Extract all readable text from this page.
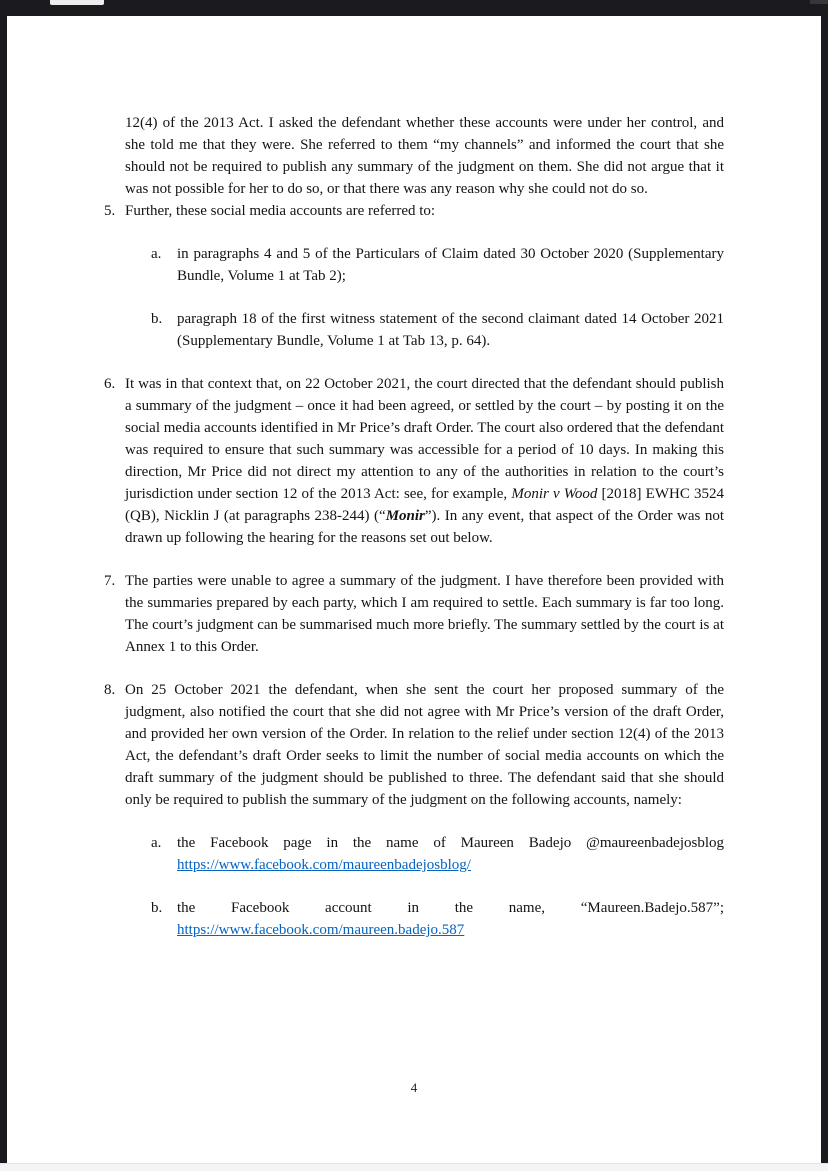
12(4) of the 2013 Act. I asked the defendant whether these accounts were under her control, and she told me that they were. She referred to them “my channels” and informed the court that she should not be required to publish any summary of the judgment on them. She did not argue that it was not possible for her to do so, or that there was any reason why she could not do so.

5. Further, these social media accounts are referred to:
a. in paragraphs 4 and 5 of the Particulars of Claim dated 30 October 2020 (Supplementary Bundle, Volume 1 at Tab 2);
b. paragraph 18 of the first witness statement of the second claimant dated 14 October 2021 (Supplementary Bundle, Volume 1 at Tab 13, p. 64).
6. It was in that context that, on 22 October 2021, the court directed that the defendant should publish a summary of the judgment – once it had been agreed, or settled by the court – by posting it on the social media accounts identified in Mr Price’s draft Order. The court also ordered that the defendant was required to ensure that such summary was accessible for a period of 10 days. In making this direction, Mr Price did not direct my attention to any of the authorities in relation to the court’s jurisdiction under section 12 of the 2013 Act: see, for example, Monir v Wood [2018] EWHC 3524 (QB), Nicklin J (at paragraphs 238-244) (“Monir”). In any event, that aspect of the Order was not drawn up following the hearing for the reasons set out below.
7. The parties were unable to agree a summary of the judgment. I have therefore been provided with the summaries prepared by each party, which I am required to settle. Each summary is far too long. The court’s judgment can be summarised much more briefly. The summary settled by the court is at Annex 1 to this Order.
8. On 25 October 2021 the defendant, when she sent the court her proposed summary of the judgment, also notified the court that she did not agree with Mr Price’s version of the draft Order, and provided her own version of the Order. In relation to the relief under section 12(4) of the 2013 Act, the defendant’s draft Order seeks to limit the number of social media accounts on which the draft summary of the judgment should be published to three. The defendant said that she should only be required to publish the summary of the judgment on the following accounts, namely:
a. the Facebook page in the name of Maureen Badejo @maureenbadejosblog https://www.facebook.com/maureenbadejosblog/
b. the Facebook account in the name, “Maureen.Badejo.587”; https://www.facebook.com/maureen.badejo.587
4
